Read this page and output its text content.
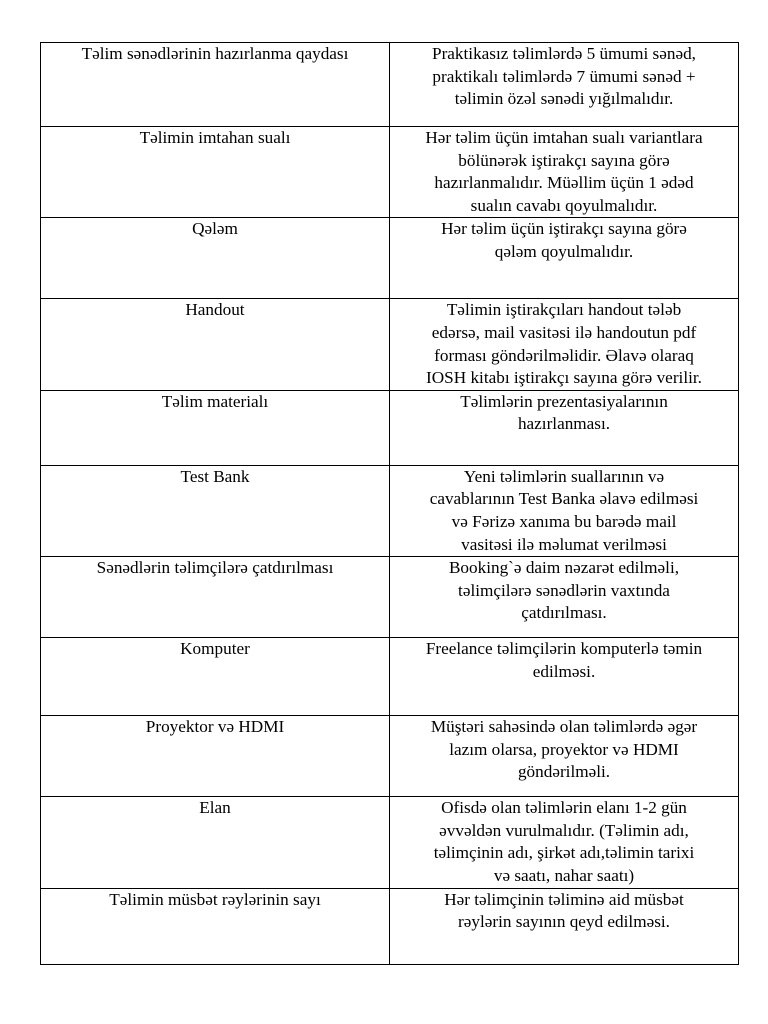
Təlim sənədlərinin hazırlanma qaydası	Praktikasız təlimlərdə 5 ümumi sənəd,
praktikalı təlimlərdə 7 ümumi sənəd +
təlimin özəl sənədi yığılmalıdır.

Təlimin imtahan sualı	Hər təlim üçün imtahan sualı variantlara
bölünərək iştirakçı sayına görə
hazırlanmalıdır. Müəllim üçün 1 ədəd
sualın cavabı qoyulmalıdır.

Qələm	Hər təlim üçün iştirakçı sayına görə
qələm qoyulmalıdır.

Handout	Təlimin iştirakçıları handout tələb
edərsə, mail vasitəsi ilə handoutun pdf
forması göndərilməlidir. Əlavə olaraq
IOSH kitabı iştirakçı sayına görə verilir.

Təlim materialı	Təlimlərin prezentasiyalarının
hazırlanması.

Test Bank	Yeni təlimlərin suallarının və
cavablarının Test Banka əlavə edilməsi
və Fərizə xanıma bu barədə mail
vasitəsi ilə məlumat verilməsi

Sənədlərin təlimçilərə çatdırılması	Booking`ə daim nəzarət edilməli,
təlimçilərə sənədlərin vaxtında
çatdırılması.

Komputer	Freelance təlimçilərin komputerlə təmin
edilməsi.

Proyektor və HDMI	Müştəri sahəsində olan təlimlərdə əgər
lazım olarsa, proyektor və HDMI
göndərilməli.

Elan	Ofisdə olan təlimlərin elanı 1-2 gün
əvvəldən vurulmalıdır. (Təlimin adı,
təlimçinin adı, şirkət adı,təlimin tarixi
və saatı, nahar saatı)

Təlimin müsbət rəylərinin sayı	Hər təlimçinin təliminə aid müsbət
rəylərin sayının qeyd edilməsi.
